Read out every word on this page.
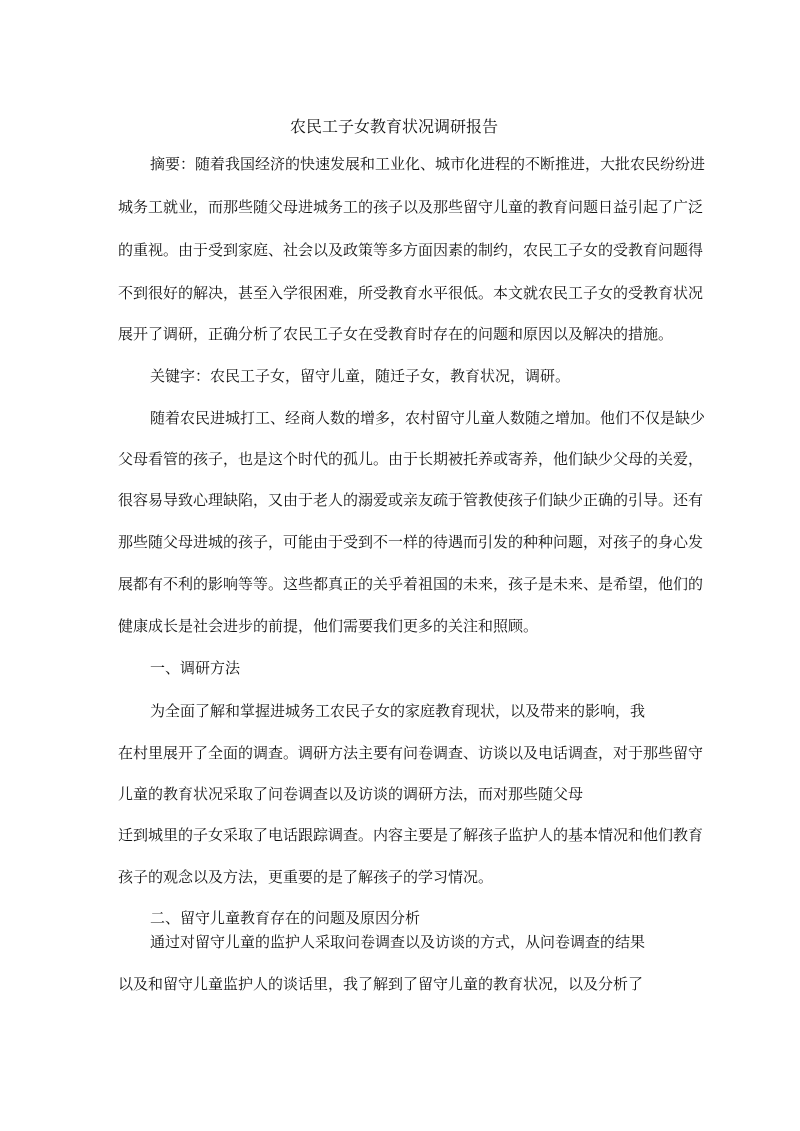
农民工子女教育状况调研报告
摘要：随着我国经济的快速发展和工业化、城市化进程的不断推进，大批农民纷纷进
城务工就业，而那些随父母进城务工的孩子以及那些留守儿童的教育问题日益引起了广泛
的重视。由于受到家庭、社会以及政策等多方面因素的制约，农民工子女的受教育问题得
不到很好的解决，甚至入学很困难，所受教育水平很低。本文就农民工子女的受教育状况
展开了调研，正确分析了农民工子女在受教育时存在的问题和原因以及解决的措施。
关键字：农民工子女，留守儿童，随迁子女，教育状况，调研。
随着农民进城打工、经商人数的增多，农村留守儿童人数随之增加。他们不仅是缺少
父母看管的孩子，也是这个时代的孤儿。由于长期被托养或寄养，他们缺少父母的关爱，
很容易导致心理缺陷，又由于老人的溺爱或亲友疏于管教使孩子们缺少正确的引导。还有
那些随父母进城的孩子，可能由于受到不一样的待遇而引发的种种问题，对孩子的身心发
展都有不利的影响等等。这些都真正的关乎着祖国的未来，孩子是未来、是希望，他们的
健康成长是社会进步的前提，他们需要我们更多的关注和照顾。
一、调研方法
为全面了解和掌握进城务工农民子女的家庭教育现状，以及带来的影响，我
在村里展开了全面的调查。调研方法主要有问卷调查、访谈以及电话调查，对于那些留守
儿童的教育状况采取了问卷调查以及访谈的调研方法，而对那些随父母
迁到城里的子女采取了电话跟踪调查。内容主要是了解孩子监护人的基本情况和他们教育
孩子的观念以及方法，更重要的是了解孩子的学习情况。
二、留守儿童教育存在的问题及原因分析
通过对留守儿童的监护人采取问卷调查以及访谈的方式，从问卷调查的结果
以及和留守儿童监护人的谈话里，我了解到了留守儿童的教育状况，以及分析了
